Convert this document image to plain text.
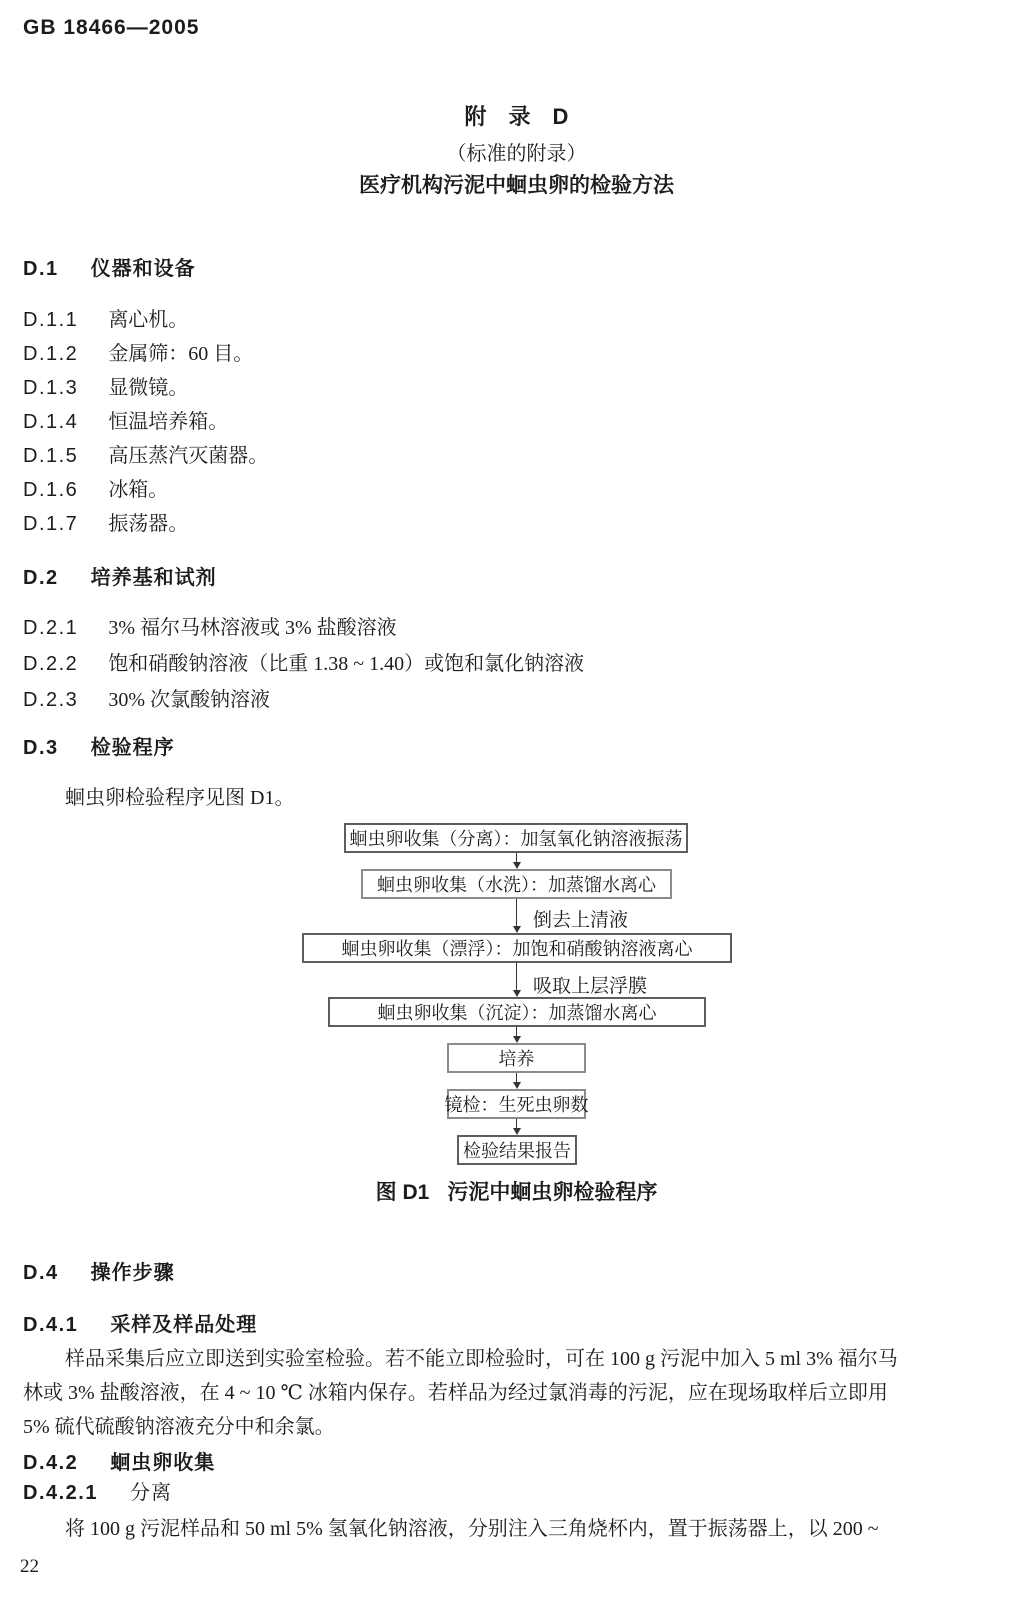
GB 18466—2005
附　录　D
（标准的附录）
医疗机构污泥中蛔虫卵的检验方法
D.1 仪器和设备
D.1.1 离心机。
D.1.2 金属筛：60 目。
D.1.3 显微镜。
D.1.4 恒温培养箱。
D.1.5 高压蒸汽灭菌器。
D.1.6 冰箱。
D.1.7 振荡器。
D.2 培养基和试剂
D.2.1 3% 福尔马林溶液或 3% 盐酸溶液
D.2.2 饱和硝酸钠溶液（比重 1.38 ~ 1.40）或饱和氯化钠溶液
D.2.3 30% 次氯酸钠溶液
D.3 检验程序
蛔虫卵检验程序见图 D1。
蛔虫卵收集（分离）：加氢氧化钠溶液振荡
蛔虫卵收集（水洗）：加蒸馏水离心
倒去上清液
蛔虫卵收集（漂浮）：加饱和硝酸钠溶液离心
吸取上层浮膜
蛔虫卵收集（沉淀）：加蒸馏水离心
培养
镜检：生死虫卵数
检验结果报告
图 D1 污泥中蛔虫卵检验程序
D.4 操作步骤
D.4.1 采样及样品处理
样品采集后应立即送到实验室检验。若不能立即检验时，可在 100 g 污泥中加入 5 ml 3% 福尔马
林或 3% 盐酸溶液，在 4 ~ 10 ℃ 冰箱内保存。若样品为经过氯消毒的污泥，应在现场取样后立即用
5% 硫代硫酸钠溶液充分中和余氯。
D.4.2 蛔虫卵收集
D.4.2.1 分离
将 100 g 污泥样品和 50 ml 5% 氢氧化钠溶液，分别注入三角烧杯内，置于振荡器上，以 200 ~
22
